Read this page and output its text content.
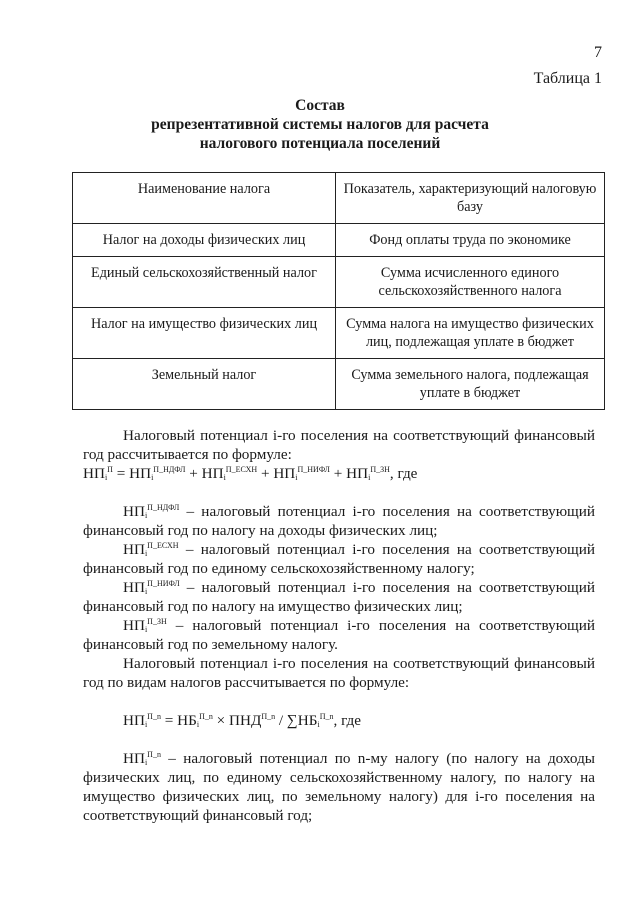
7
Таблица 1
Состав
репрезентативной системы налогов для расчета
налогового потенциала поселений
Наименование налога	Показатель, характеризующий налоговую базу
Налог на доходы физических лиц	Фонд оплаты труда по экономике
Единый сельскохозяйственный налог	Сумма исчисленного единого сельскохозяйственного налога
Налог на имущество физических лиц	Сумма налога на имущество физических лиц, подлежащая уплате в бюджет
Земельный налог	Сумма земельного налога, подлежащая уплате в бюджет

Налоговый потенциал i-го поселения на соответствующий финансовый год рассчитывается по формуле:

$НП_i^П = НП_i^{П\_НДФЛ} + НП_i^{П\_ЕСХН} + НП_i^{П\_НИФЛ} + НП_i^{П\_ЗН}$, где

$НП_i^{П\_НДФЛ}$ – налоговый потенциал i-го поселения на соответствующий финансовый год по налогу на доходы физических лиц;

$НП_i^{П\_ЕСХН}$ – налоговый потенциал i-го поселения на соответствующий финансовый год по единому сельскохозяйственному налогу;

$НП_i^{П\_НИФЛ}$ – налоговый потенциал i-го поселения на соответствующий финансовый год по налогу на имущество физических лиц;

$НП_i^{П\_ЗН}$ – налоговый потенциал i-го поселения на соответствующий финансовый год по земельному налогу.

Налоговый потенциал i-го поселения на соответствующий финансовый год по видам налогов рассчитывается по формуле:

$НП_i^{П\_n} = НБ_i^{П\_n} \times ПНД^{П\_n} / \sum НБ_i^{П\_n}$, где

$НП_i^{П\_n}$ – налоговый потенциал по n-му налогу (по налогу на доходы физических лиц, по единому сельскохозяйственному налогу, по налогу на имущество физических лиц, по земельному налогу) для i-го поселения на соответствующий финансовый год;
